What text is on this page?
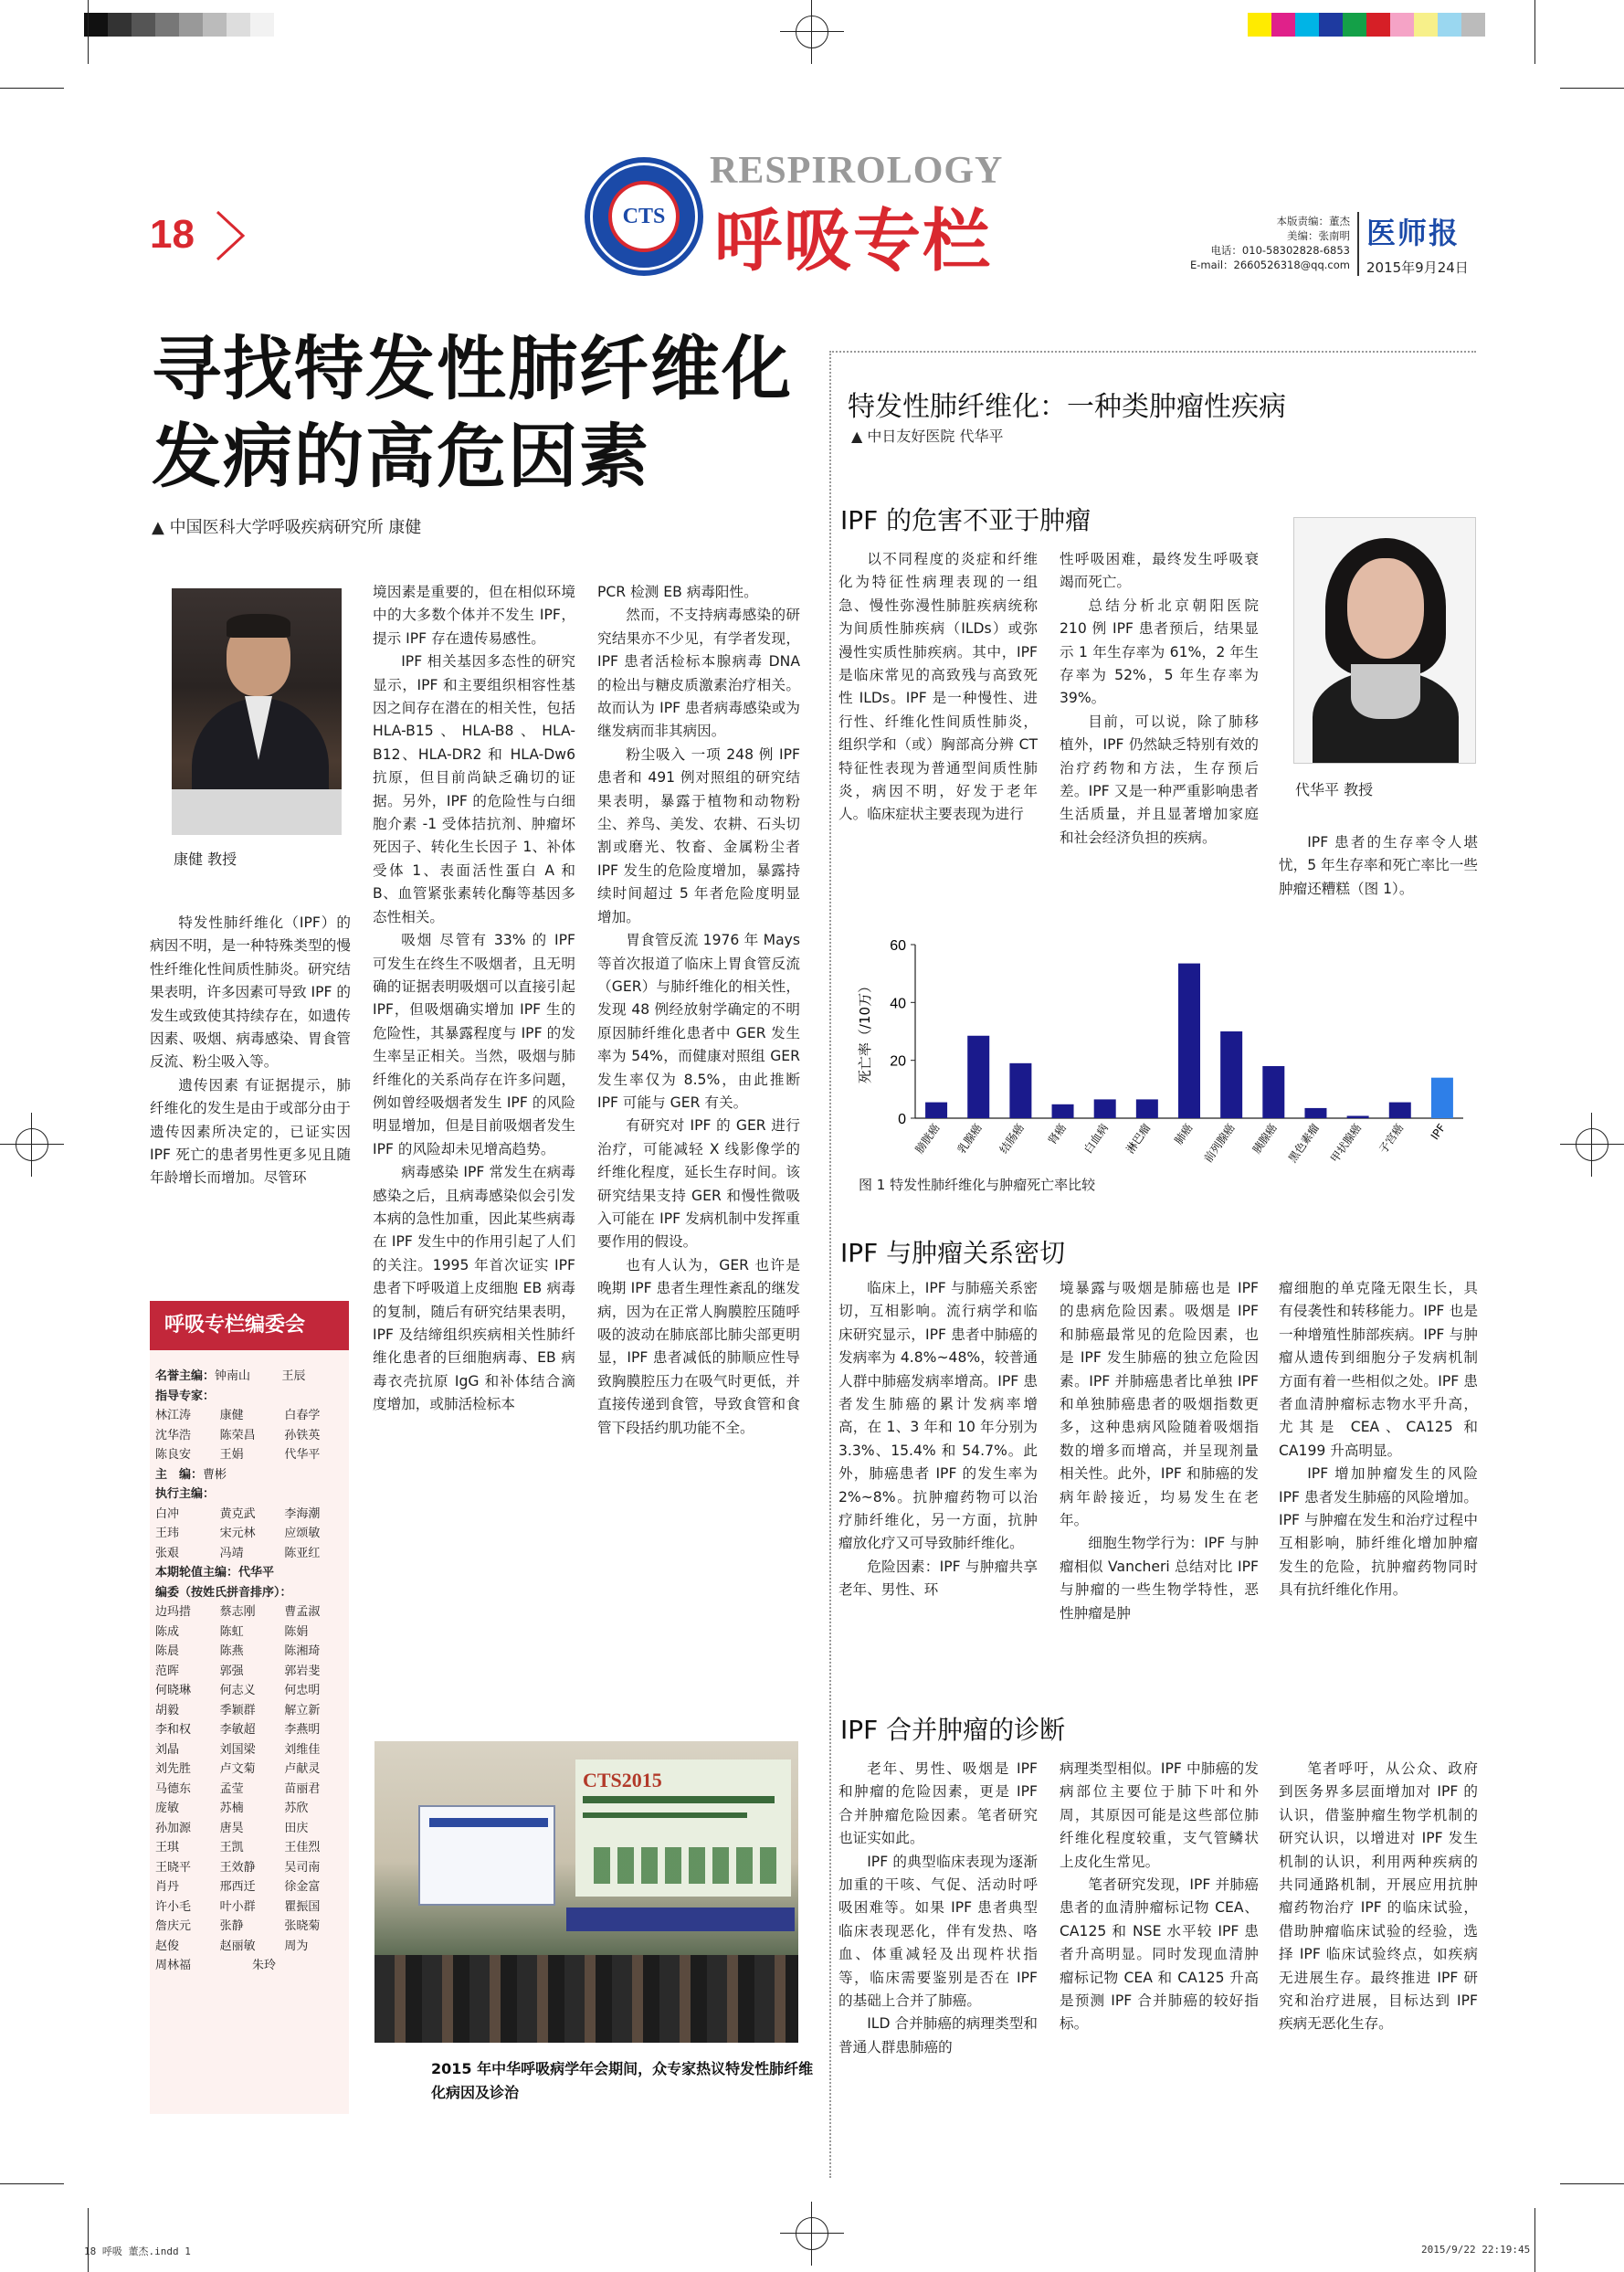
18	CTS
RESPIROLOGY
呼吸专栏	本版责编：董杰
美编：张南明
电话：010-58302828-6853
E-mail：2660526318@qq.com
医师报
2015年9月24日
寻找特发性肺纤维化
发病的高危因素
▲ 中国医科大学呼吸疾病研究所 康健
康健 教授

特发性肺纤维化（IPF）的病因不明，是一种特殊类型的慢性纤维化性间质性肺炎。研究结果表明，许多因素可导致 IPF 的发生或致使其持续存在，如遗传因素、吸烟、病毒感染、胃食管反流、粉尘吸入等。

遗传因素 有证据提示，肺纤维化的发生是由于或部分由于遗传因素所决定的，已证实因 IPF 死亡的患者男性更多见且随年龄增长而增加。尽管环

境因素是重要的，但在相似环境中的大多数个体并不发生 IPF，提示 IPF 存在遗传易感性。

IPF 相关基因多态性的研究显示，IPF 和主要组织相容性基因之间存在潜在的相关性，包括 HLA-B15、HLA-B8、HLA-B12、HLA-DR2 和 HLA-Dw6 抗原，但目前尚缺乏确切的证据。另外，IPF 的危险性与白细胞介素 -1 受体拮抗剂、肿瘤坏死因子、转化生长因子 1、补体受体 1、表面活性蛋白 A 和 B、血管紧张素转化酶等基因多态性相关。

吸烟 尽管有 33% 的 IPF 可发生在终生不吸烟者，且无明确的证据表明吸烟可以直接引起 IPF，但吸烟确实增加 IPF 生的危险性，其暴露程度与 IPF 的发生率呈正相关。当然，吸烟与肺纤维化的关系尚存在许多问题，例如曾经吸烟者发生 IPF 的风险明显增加，但是目前吸烟者发生 IPF 的风险却未见增高趋势。

病毒感染 IPF 常发生在病毒感染之后，且病毒感染似会引发本病的急性加重，因此某些病毒在 IPF 发生中的作用引起了人们的关注。1995 年首次证实 IPF 患者下呼吸道上皮细胞 EB 病毒的复制，随后有研究结果表明，IPF 及结缔组织疾病相关性肺纤维化患者的巨细胞病毒、EB 病毒衣壳抗原 IgG 和补体结合滴度增加，或肺活检标本

PCR 检测 EB 病毒阳性。

然而，不支持病毒感染的研究结果亦不少见，有学者发现，IPF 患者活检标本腺病毒 DNA 的检出与糖皮质激素治疗相关。故而认为 IPF 患者病毒感染或为继发病而非其病因。

粉尘吸入 一项 248 例 IPF 患者和 491 例对照组的研究结果表明，暴露于植物和动物粉尘、养鸟、美发、农耕、石头切割或磨光、牧畜、金属粉尘者 IPF 发生的危险度增加，暴露持续时间超过 5 年者危险度明显增加。

胃食管反流 1976 年 Mays 等首次报道了临床上胃食管反流（GER）与肺纤维化的相关性，发现 48 例经放射学确定的不明原因肺纤维化患者中 GER 发生率为 54%，而健康对照组 GER 发生率仅为 8.5%，由此推断 IPF 可能与 GER 有关。

有研究对 IPF 的 GER 进行治疗，可能减轻 X 线影像学的纤维化程度，延长生存时间。该研究结果支持 GER 和慢性微吸入可能在 IPF 发病机制中发挥重要作用的假设。

也有人认为，GER 也许是晚期 IPF 患者生理性紊乱的继发病，因为在正常人胸膜腔压随呼吸的波动在肺底部比肺尖部更明显，IPF 患者减低的肺顺应性导致胸膜腔压力在吸气时更低，并直接传递到食管，导致食管和食管下段括约肌功能不全。

呼吸专栏编委会
名誉主编： 钟南山	王辰
指导专家：
林江涛	康健	白春学
沈华浩	陈荣昌	孙铁英
陈良安	王娟	代华平
主　编： 曹彬
执行主编：
白冲	黄克武	李海潮
王玮	宋元林	应颂敏
张艰	冯靖	陈亚红
本期轮值主编：代华平
编委（按姓氏拼音排序）：
边玛措	蔡志刚	曹孟淑
陈成	陈虹	陈娟
陈晨	陈燕	陈湘琦
范晖	郭强	郭岩斐
何晓琳	何志义	何忠明
胡毅	季颖群	解立新
李和权	李敏超	李燕明
刘晶	刘国梁	刘维佳
刘先胜	卢文菊	卢献灵
马德东	孟莹	苗丽君
庞敏	苏楠	苏欣
孙加源	唐昊	田庆
王琪	王凯	王佳烈
王晓平	王效静	吴司南
肖丹	邢西迁	徐金富
许小毛	叶小群	瞿振国
詹庆元	张静	张晓菊
赵俊	赵丽敏	周为
周林福	朱玲
CTS2015
2015 年中华呼吸病学年会期间，众专家热议特发性肺纤维化病因及诊治
特发性肺纤维化：一种类肿瘤性疾病
▲ 中日友好医院 代华平
IPF 的危害不亚于肿瘤

以不同程度的炎症和纤维化为特征性病理表现的一组急、慢性弥漫性肺脏疾病统称为间质性肺疾病（ILDs）或弥漫性实质性肺疾病。其中，IPF 是临床常见的高致残与高致死性 ILDs。IPF 是一种慢性、进行性、纤维化性间质性肺炎，组织学和（或）胸部高分辨 CT 特征性表现为普通型间质性肺炎，病因不明，好发于老年人。临床症状主要表现为进行

性呼吸困难，最终发生呼吸衰竭而死亡。

总结分析北京朝阳医院 210 例 IPF 患者预后，结果显示 1 年生存率为 61%，2 年生存率为 52%，5 年生存率为 39%。

目前，可以说，除了肺移植外，IPF 仍然缺乏特别有效的治疗药物和方法，生存预后差。IPF 又是一种严重影响患者生活质量，并且显著增加家庭和社会经济负担的疾病。

代华平 教授

IPF 患者的生存率令人堪忧，5 年生存率和死亡率比一些肿瘤还糟糕（图 1）。

0
20
40
60
死亡率（/10万）
膀胱癌 乳腺癌 结肠癌 肾癌 白血病 淋巴瘤 肺癌 前列腺癌 胰腺癌 黑色素瘤 甲状腺癌 子宫癌 IPF
图 1 特发性肺纤维化与肿瘤死亡率比较
IPF 与肿瘤关系密切

临床上，IPF 与肺癌关系密切，互相影响。流行病学和临床研究显示，IPF 患者中肺癌的发病率为 4.8%~48%，较普通人群中肺癌发病率增高。IPF 患者发生肺癌的累计发病率增高，在 1、3 年和 10 年分别为 3.3%、15.4% 和 54.7%。此外，肺癌患者 IPF 的发生率为 2%~8%。抗肿瘤药物可以治疗肺纤维化，另一方面，抗肿瘤放化疗又可导致肺纤维化。

危险因素：IPF 与肿瘤共享 老年、男性、环

境暴露与吸烟是肺癌也是 IPF 的患病危险因素。吸烟是 IPF 和肺癌最常见的危险因素，也是 IPF 发生肺癌的独立危险因素。IPF 并肺癌患者比单独 IPF 和单独肺癌患者的吸烟指数更多，这种患病风险随着吸烟指数的增多而增高，并呈现剂量相关性。此外，IPF 和肺癌的发病年龄接近，均易发生在老年。

细胞生物学行为：IPF 与肿瘤相似 Vancheri 总结对比 IPF 与肿瘤的一些生物学特性，恶性肿瘤是肿

瘤细胞的单克隆无限生长，具有侵袭性和转移能力。IPF 也是一种增殖性肺部疾病。IPF 与肿瘤从遗传到细胞分子发病机制方面有着一些相似之处。IPF 患者血清肿瘤标志物水平升高，尤其是 CEA、CA125 和 CA199 升高明显。

IPF 增加肿瘤发生的风险 IPF 患者发生肺癌的风险增加。IPF 与肿瘤在发生和治疗过程中互相影响，肺纤维化增加肿瘤发生的危险，抗肿瘤药物同时具有抗纤维化作用。

IPF 合并肿瘤的诊断

老年、男性、吸烟是 IPF 和肿瘤的危险因素，更是 IPF 合并肿瘤危险因素。笔者研究也证实如此。

IPF 的典型临床表现为逐渐加重的干咳、气促、活动时呼吸困难等。如果 IPF 患者典型临床表现恶化，伴有发热、咯血、体重减轻及出现杵状指等，临床需要鉴别是否在 IPF 的基础上合并了肺癌。

ILD 合并肺癌的病理类型和普通人群患肺癌的

病理类型相似。IPF 中肺癌的发病部位主要位于肺下叶和外周，其原因可能是这些部位肺纤维化程度较重，支气管鳞状上皮化生常见。

笔者研究发现，IPF 并肺癌患者的血清肿瘤标记物 CEA、CA125 和 NSE 水平较 IPF 患者升高明显。同时发现血清肿瘤标记物 CEA 和 CA125 升高是预测 IPF 合并肺癌的较好指标。

笔者呼吁，从公众、政府到医务界多层面增加对 IPF 的认识，借鉴肿瘤生物学机制的研究认识，以增进对 IPF 发生机制的认识，利用两种疾病的共同通路机制，开展应用抗肿瘤药物治疗 IPF 的临床试验，借助肿瘤临床试验的经验，选择 IPF 临床试验终点，如疾病无进展生存。最终推进 IPF 研究和治疗进展，目标达到 IPF 疾病无恶化生存。

18 呼吸 董杰.indd 1	2015/9/22 22:19:45
